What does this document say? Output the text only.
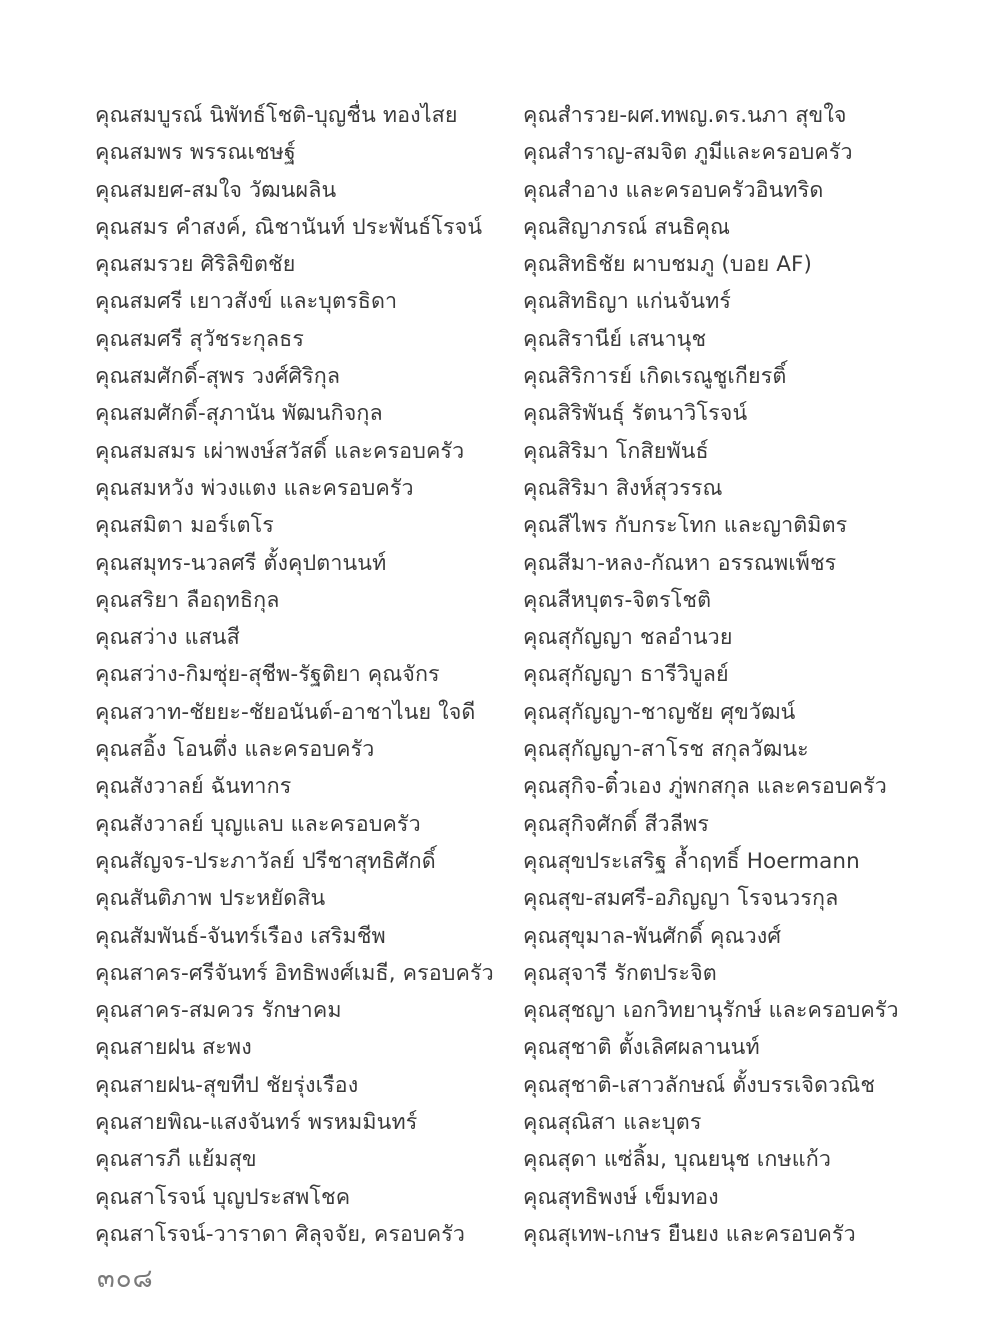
คุณสมบูรณ์ นิพัทธ์โชติ-บุญชื่น ทองไสย
คุณสมพร พรรณเชษฐ์
คุณสมยศ-สมใจ วัฒนผลิน
คุณสมร คำสงค์, ณิชานันท์ ประพันธ์โรจน์
คุณสมรวย ศิริลิขิตชัย
คุณสมศรี เยาวสังข์ และบุตรธิดา
คุณสมศรี สุวัชระกุลธร
คุณสมศักดิ์-สุพร วงศ์ศิริกุล
คุณสมศักดิ์-สุภานัน พัฒนกิจกุล
คุณสมสมร เผ่าพงษ์สวัสดิ์ และครอบครัว
คุณสมหวัง พ่วงแตง และครอบครัว
คุณสมิตา มอร์เตโร
คุณสมุทร-นวลศรี ตั้งคุปตานนท์
คุณสริยา ลือฤทธิกุล
คุณสว่าง แสนสี
คุณสว่าง-กิมซุ่ย-สุชีพ-รัฐติยา คุณจักร
คุณสวาท-ชัยยะ-ชัยอนันต์-อาชาไนย ใจดี
คุณสอิ้ง โอนตึ่ง และครอบครัว
คุณสังวาลย์ ฉันทากร
คุณสังวาลย์ บุญแลบ และครอบครัว
คุณสัญจร-ประภาวัลย์ ปรีชาสุทธิศักดิ์
คุณสันติภาพ ประหยัดสิน
คุณสัมพันธ์-จันทร์เรือง เสริมชีพ
คุณสาคร-ศรีจันทร์ อิทธิพงศ์เมธี, ครอบครัว
คุณสาคร-สมควร รักษาคม
คุณสายฝน สะพง
คุณสายฝน-สุขทีป ชัยรุ่งเรือง
คุณสายพิณ-แสงจันทร์ พรหมมินทร์
คุณสารภี แย้มสุข
คุณสาโรจน์ บุญประสพโชค
คุณสาโรจน์-วาราดา ศิลุจจัย, ครอบครัว
คุณสำรวย-ผศ.ทพญ.ดร.นภา สุขใจ
คุณสำราญ-สมจิต ภูมีและครอบครัว
คุณสำอาง และครอบครัวอินทริด
คุณสิญาภรณ์ สนธิคุณ
คุณสิทธิชัย ผาบชมภู (บอย AF)
คุณสิทธิญา แก่นจันทร์
คุณสิรานีย์ เสนานุช
คุณสิริการย์ เกิดเรณูชูเกียรติ์
คุณสิริพันธุ์ รัตนาวิโรจน์
คุณสิริมา โกสิยพันธ์
คุณสิริมา สิงห์สุวรรณ
คุณสีไพร กับกระโทก และญาติมิตร
คุณสีมา-หลง-กัณหา อรรณพเพ็ชร
คุณสีหบุตร-จิตรโชติ
คุณสุกัญญา ชลอำนวย
คุณสุกัญญา ธารีวิบูลย์
คุณสุกัญญา-ชาญชัย ศุขวัฒน์
คุณสุกัญญา-สาโรช สกุลวัฒนะ
คุณสุกิจ-ติ๋วเอง ภู่พกสกุล และครอบครัว
คุณสุกิจศักดิ์ สีวลีพร
คุณสุขประเสริฐ ล้ำฤทธิ์ Hoermann
คุณสุข-สมศรี-อภิญญา โรจนวรกุล
คุณสุขุมาล-พันศักดิ์ คุณวงศ์
คุณสุจารี รักตประจิต
คุณสุชญา เอกวิทยานุรักษ์ และครอบครัว
คุณสุชาติ ตั้งเลิศผลานนท์
คุณสุชาติ-เสาวลักษณ์ ตั้งบรรเจิดวณิช
คุณสุณิสา และบุตร
คุณสุดา แซ่ลิ้ม, บุณยนุช เกษแก้ว
คุณสุทธิพงษ์ เข็มทอง
คุณสุเทพ-เกษร ยืนยง และครอบครัว
๓๐๘
